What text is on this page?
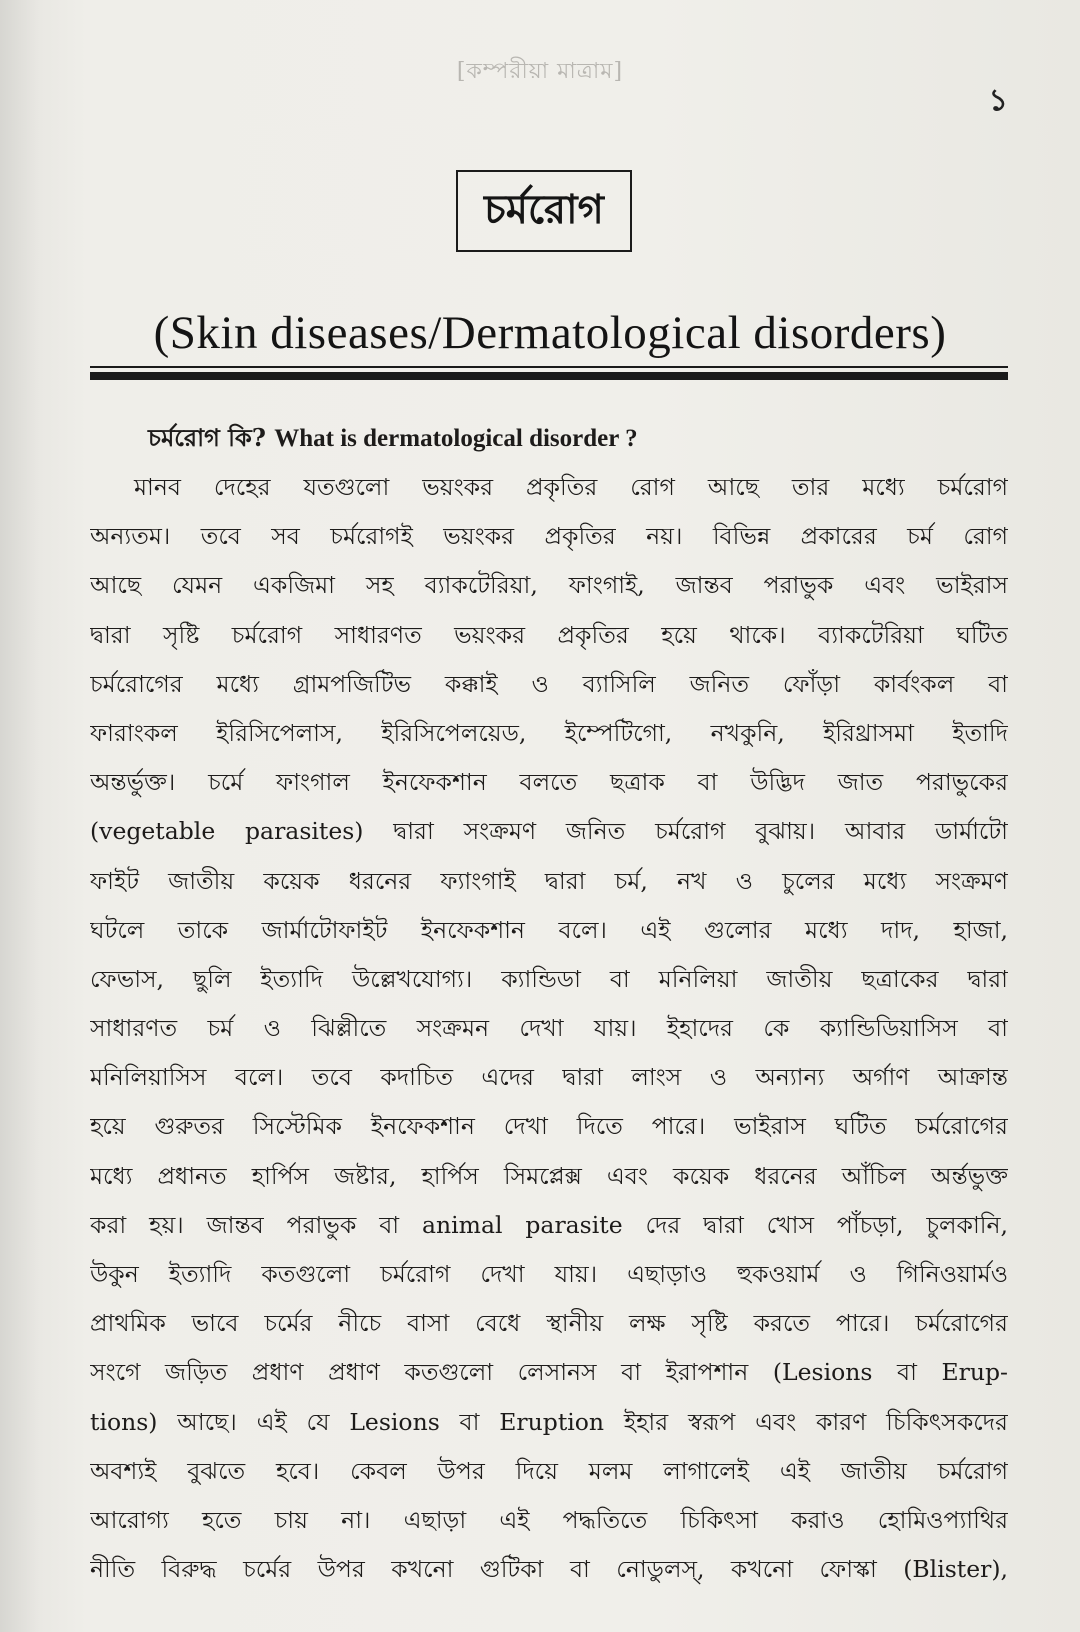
[কম্পরীয়া মাত্রাম]
১
চর্মরোগ
(Skin diseases/Dermatological disorders)
চর্মরোগ কি? What is dermatological disorder ?
মানব দেহের যতগুলো ভয়ংকর প্রকৃতির রোগ আছে তার মধ্যে চর্মরোগ
অন্যতম। তবে সব চর্মরোগই ভয়ংকর প্রকৃতির নয়। বিভিন্ন প্রকারের চর্ম রোগ
আছে যেমন একজিমা সহ ব্যাকটেরিয়া, ফাংগাই, জান্তব পরাভুক এবং ভাইরাস
দ্বারা সৃষ্টি চর্মরোগ সাধারণত ভয়ংকর প্রকৃতির হয়ে থাকে। ব্যাকটেরিয়া ঘটিত
চর্মরোগের মধ্যে গ্রামপজিটিভ কক্কাই ও ব্যাসিলি জনিত ফোঁড়া কার্বংকল বা
ফারাংকল ইরিসিপেলাস, ইরিসিপেলয়েড, ইম্পেটিগো, নখকুনি, ইরিথ্রাসমা ইতাদি
অন্তর্ভুক্ত। চর্মে ফাংগাল ইনফেকশান বলতে ছত্রাক বা উদ্ভিদ জাত পরাভুকের
(vegetable parasites) দ্বারা সংক্রমণ জনিত চর্মরোগ বুঝায়। আবার ডার্মাটো
ফাইট জাতীয় কয়েক ধরনের ফ্যাংগাই দ্বারা চর্ম, নখ ও চুলের মধ্যে সংক্রমণ
ঘটলে তাকে জার্মাটোফাইট ইনফেকশান বলে। এই গুলোর মধ্যে দাদ, হাজা,
ফেভাস, ছুলি ইত্যাদি উল্লেখযোগ্য। ক্যান্ডিডা বা মনিলিয়া জাতীয় ছত্রাকের দ্বারা
সাধারণত চর্ম ও ঝিল্লীতে সংক্রমন দেখা যায়। ইহাদের কে ক্যান্ডিডিয়াসিস বা
মনিলিয়াসিস বলে। তবে কদাচিত এদের দ্বারা লাংস ও অন্যান্য অর্গাণ আক্রান্ত
হয়ে গুরুতর সিস্টেমিক ইনফেকশান দেখা দিতে পারে। ভাইরাস ঘটিত চর্মরোগের
মধ্যে প্রধানত হার্পিস জষ্টার, হার্পিস সিমপ্লেক্স এবং কয়েক ধরনের আঁচিল অর্ন্তভুক্ত
করা হয়। জান্তব পরাভুক বা animal parasite দের দ্বারা খোস পাঁচড়া, চুলকানি,
উকুন ইত্যাদি কতগুলো চর্মরোগ দেখা যায়। এছাড়াও হুকওয়ার্ম ও গিনিওয়ার্মও
প্রাথমিক ভাবে চর্মের নীচে বাসা বেধে স্থানীয় লক্ষ সৃষ্টি করতে পারে। চর্মরোগের
সংগে জড়িত প্রধাণ প্রধাণ কতগুলো লেসানস বা ইরাপশান (Lesions বা Erup-
tions) আছে। এই যে Lesions বা Eruption ইহার স্বরূপ এবং কারণ চিকিৎসকদের
অবশ্যই বুঝতে হবে। কেবল উপর দিয়ে মলম লাগালেই এই জাতীয় চর্মরোগ
আরোগ্য হতে চায় না। এছাড়া এই পদ্ধতিতে চিকিৎসা করাও হোমিওপ্যাথির
নীতি বিরুদ্ধ চর্মের উপর কখনো গুটিকা বা নোডুলস্, কখনো ফোস্কা (Blister),
